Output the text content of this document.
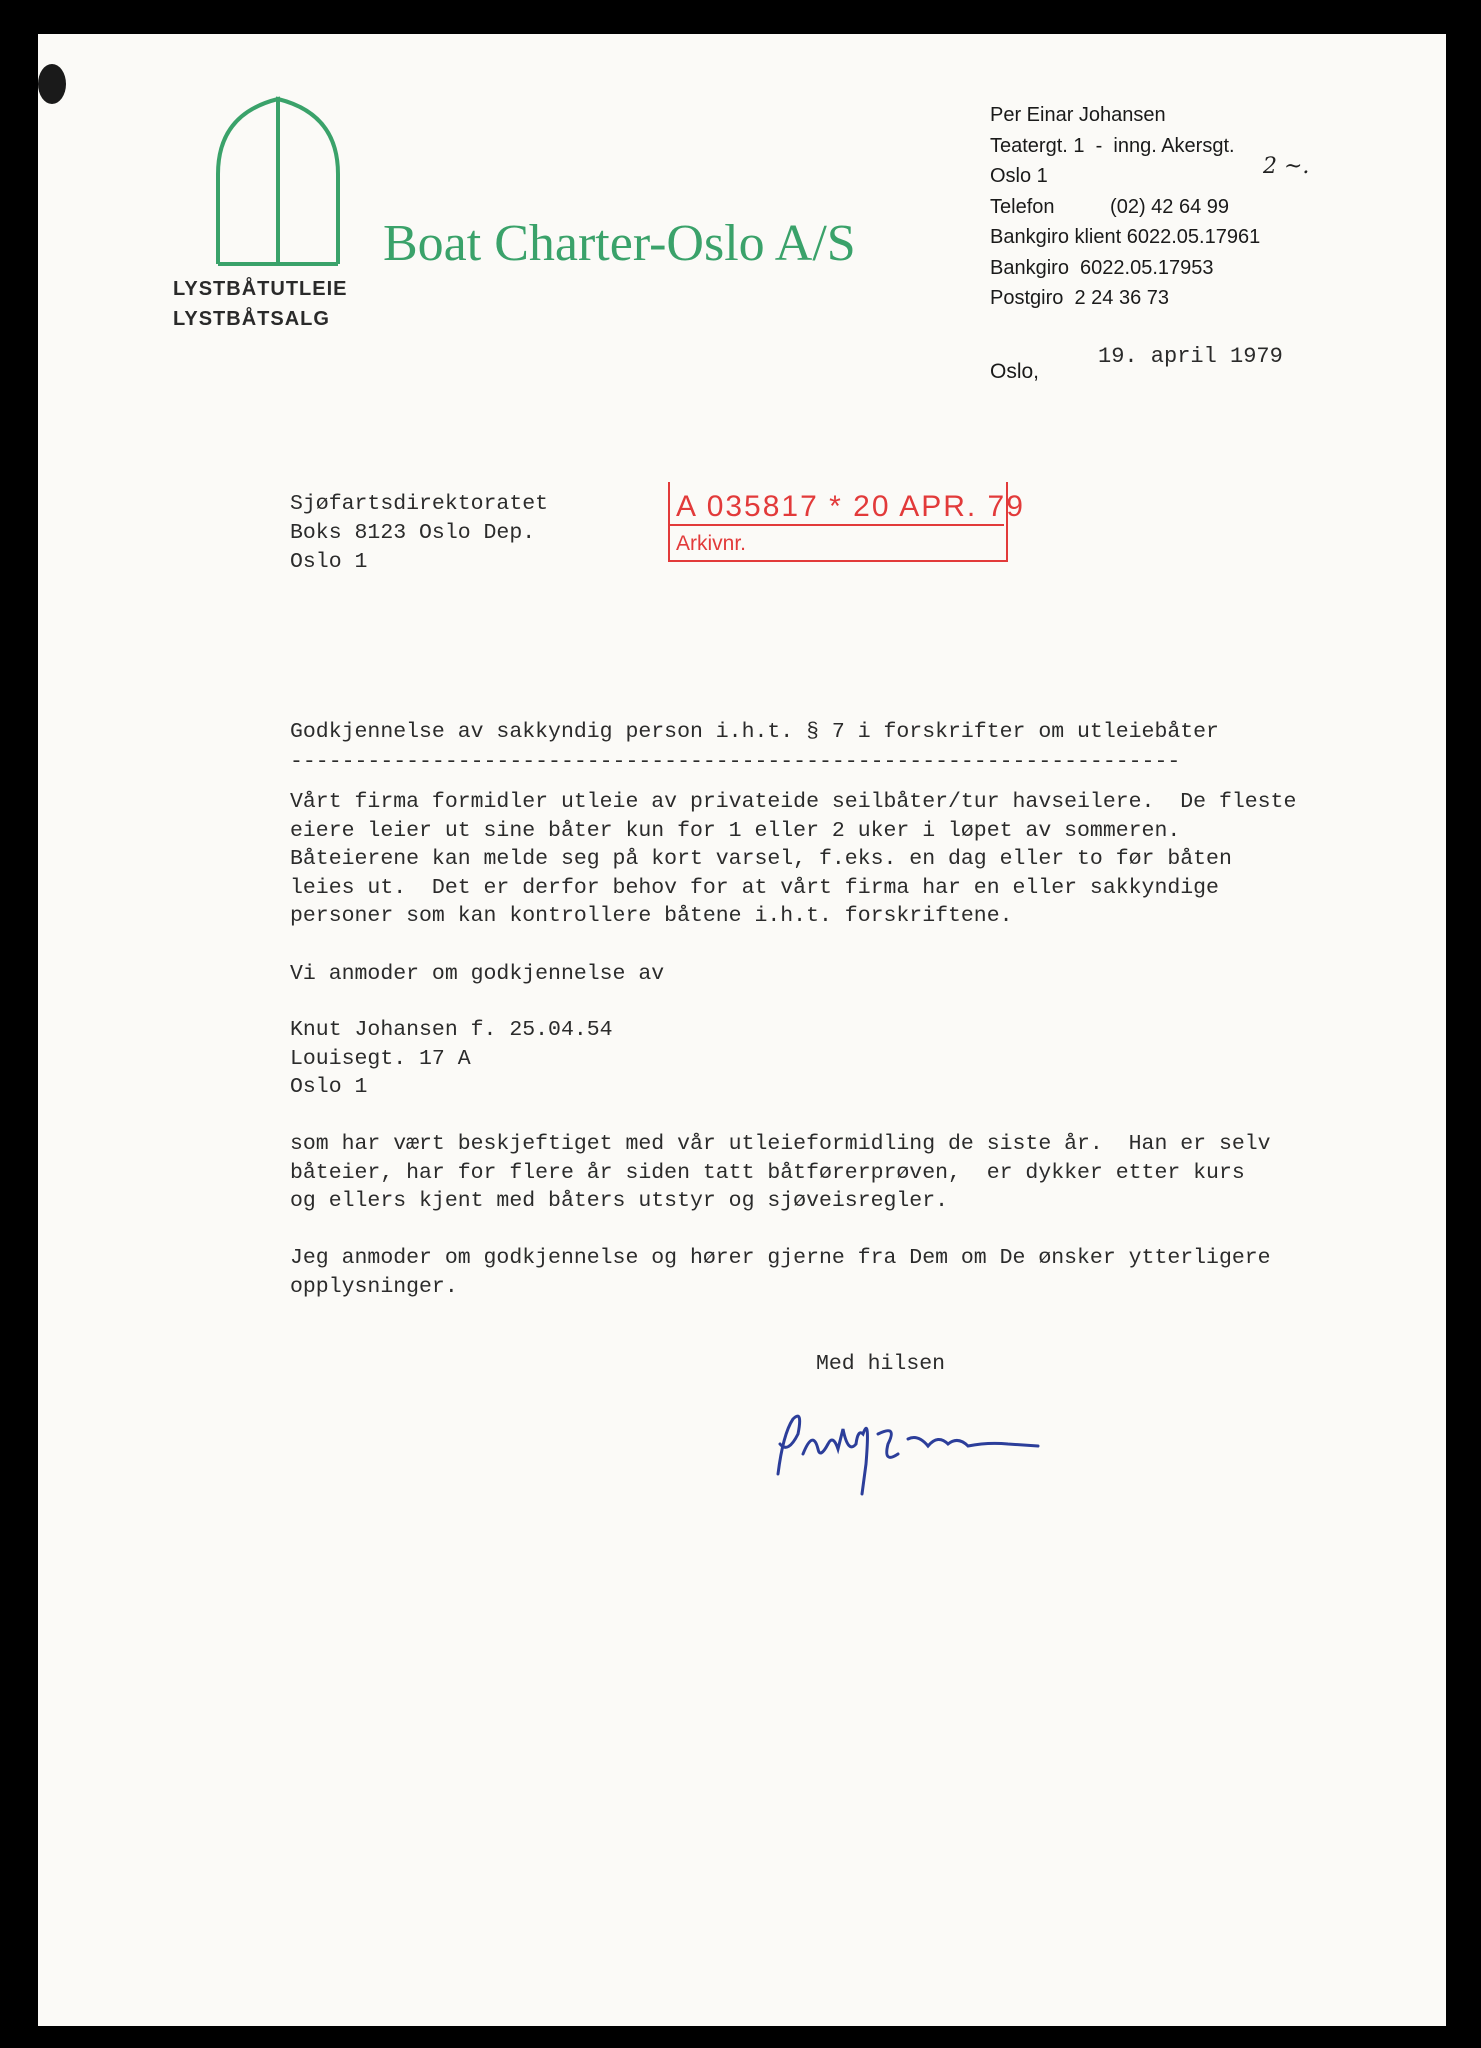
LYSTBÅTUTLEIE
LYSTBÅTSALG
Boat Charter-Oslo A/S
Per Einar Johansen
Teatergt. 1  -  inng. Akersgt.
Oslo 1
Telefon          (02) 42 64 99
Bankgiro klient 6022.05.17961
Bankgiro  6022.05.17953
Postgiro  2 24 36 73
2 ~.
Oslo,
19. april 1979
Sjøfartsdirektoratet
Boks 8123 Oslo Dep.
Oslo 1
A 035817 * 20 APR. 79
Arkivnr.
Godkjennelse av sakkyndig person i.h.t. § 7 i forskrifter om utleiebåter
---------------------------------------------------------------------
Vårt firma formidler utleie av privateide seilbåter/tur havseilere.  De fleste
eiere leier ut sine båter kun for 1 eller 2 uker i løpet av sommeren.
Båteierene kan melde seg på kort varsel, f.eks. en dag eller to før båten
leies ut.  Det er derfor behov for at vårt firma har en eller sakkyndige
personer som kan kontrollere båtene i.h.t. forskriftene.
Vi anmoder om godkjennelse av
Knut Johansen f. 25.04.54
Louisegt. 17 A
Oslo 1
som har vært beskjeftiget med vår utleieformidling de siste år.  Han er selv
båteier, har for flere år siden tatt båtførerprøven,  er dykker etter kurs
og ellers kjent med båters utstyr og sjøveisregler.
Jeg anmoder om godkjennelse og hører gjerne fra Dem om De ønsker ytterligere
opplysninger.
Med hilsen
